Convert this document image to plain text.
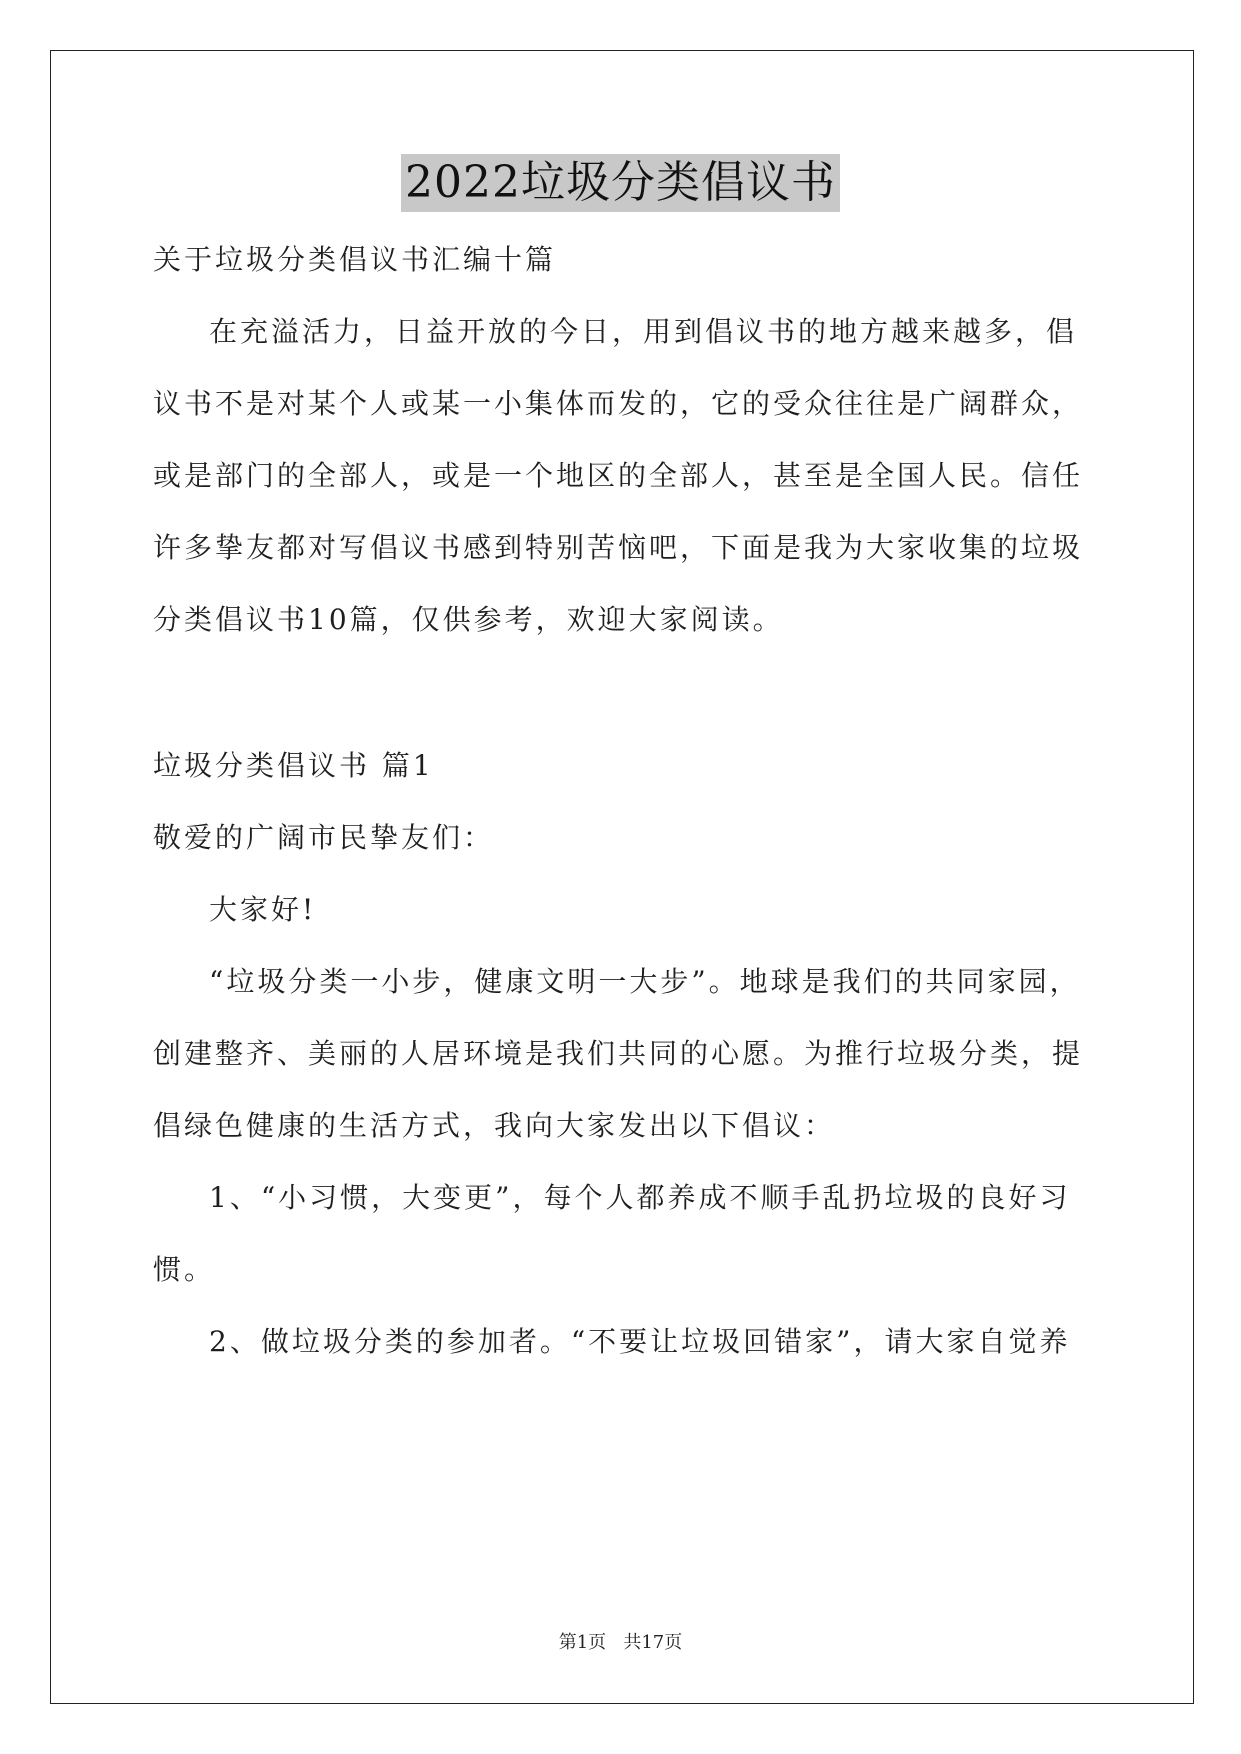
2022垃圾分类倡议书
关于垃圾分类倡议书汇编十篇
在充溢活力，日益开放的今日，用到倡议书的地方越来越多，倡
议书不是对某个人或某一小集体而发的，它的受众往往是广阔群众，
或是部门的全部人，或是一个地区的全部人，甚至是全国人民。信任
许多挚友都对写倡议书感到特别苦恼吧，下面是我为大家收集的垃圾
分类倡议书10篇，仅供参考，欢迎大家阅读。
垃圾分类倡议书 篇1
敬爱的广阔市民挚友们：
大家好!
“垃圾分类一小步，健康文明一大步”。地球是我们的共同家园，
创建整齐、美丽的人居环境是我们共同的心愿。为推行垃圾分类，提
倡绿色健康的生活方式，我向大家发出以下倡议：
1、“小习惯，大变更”，每个人都养成不顺手乱扔垃圾的良好习
惯。
2、做垃圾分类的参加者。“不要让垃圾回错家”，请大家自觉养
第1页   共17页
